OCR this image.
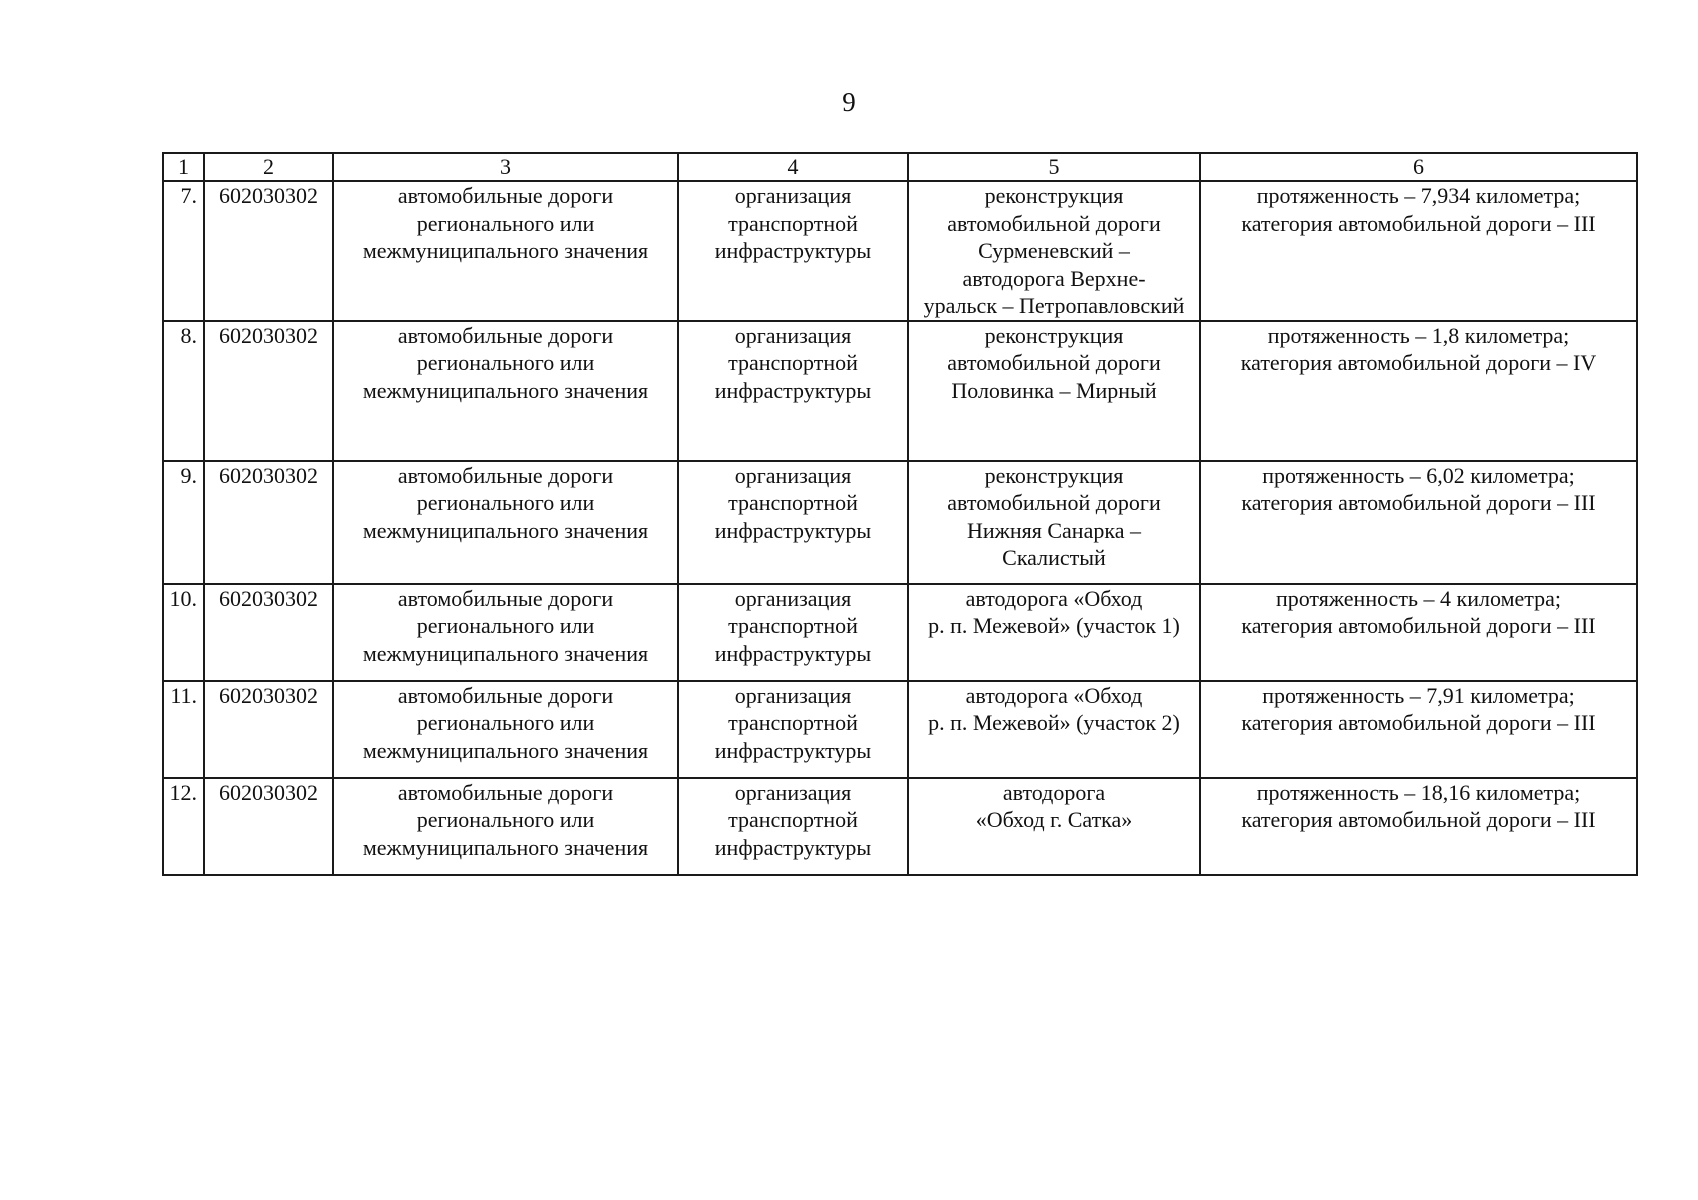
9
1	2	3	4	5	6
7.	602030302	автомобильные дороги
регионального или
межмуниципального значения	организация
транспортной
инфраструктуры	реконструкция
автомобильной дороги
Сурменевский –
автодорога Верхне-
уральск – Петропавловский	протяженность – 7,934 километра;
категория автомобильной дороги – III
8.	602030302	автомобильные дороги
регионального или
межмуниципального значения	организация
транспортной
инфраструктуры	реконструкция
автомобильной дороги
Половинка – Мирный	протяженность – 1,8 километра;
категория автомобильной дороги – IV
9.	602030302	автомобильные дороги
регионального или
межмуниципального значения	организация
транспортной
инфраструктуры	реконструкция
автомобильной дороги
Нижняя Санарка –
Скалистый	протяженность – 6,02 километра;
категория автомобильной дороги – III
10.	602030302	автомобильные дороги
регионального или
межмуниципального значения	организация
транспортной
инфраструктуры	автодорога «Обход
р. п. Межевой» (участок 1)	протяженность – 4 километра;
категория автомобильной дороги – III
11.	602030302	автомобильные дороги
регионального или
межмуниципального значения	организация
транспортной
инфраструктуры	автодорога «Обход
р. п. Межевой» (участок 2)	протяженность – 7,91 километра;
категория автомобильной дороги – III
12.	602030302	автомобильные дороги
регионального или
межмуниципального значения	организация
транспортной
инфраструктуры	автодорога
«Обход г. Сатка»	протяженность – 18,16 километра;
категория автомобильной дороги – III
